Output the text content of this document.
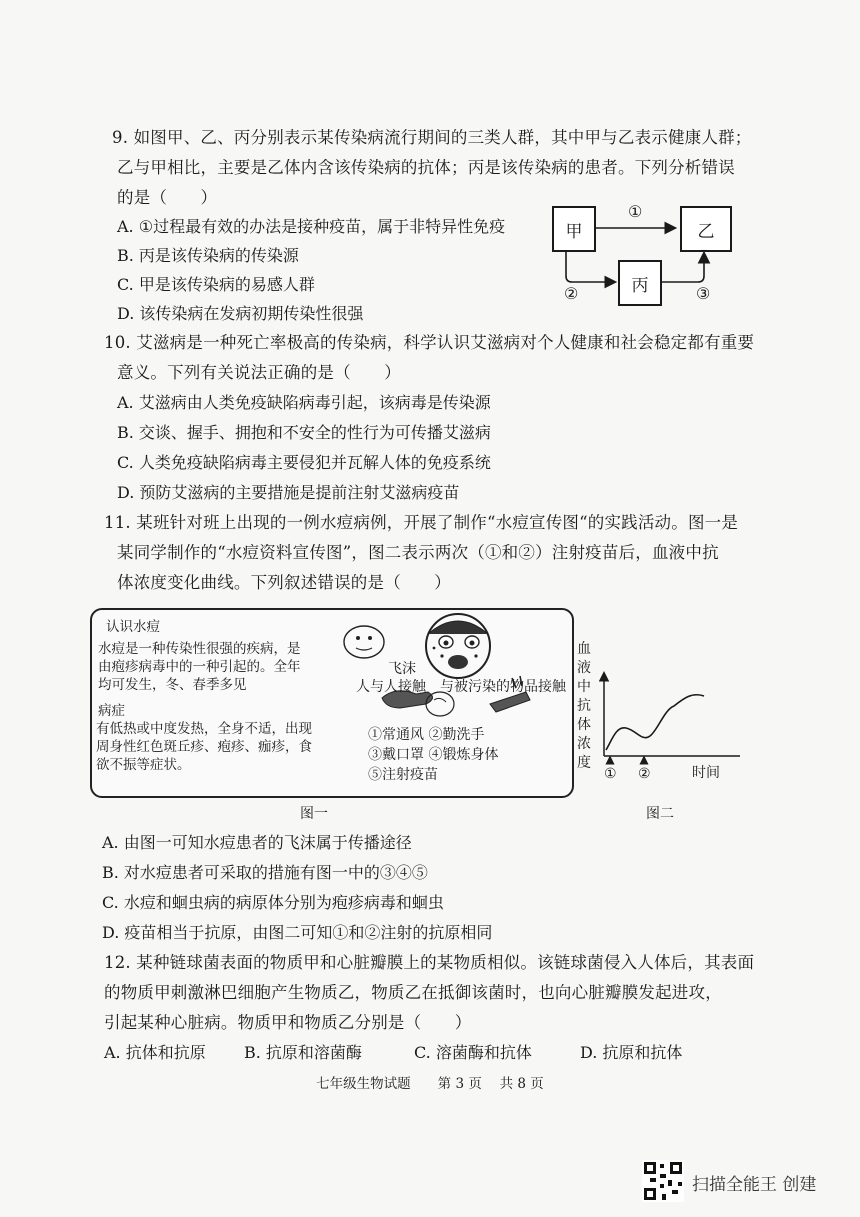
9. 如图甲、乙、丙分别表示某传染病流行期间的三类人群，其中甲与乙表示健康人群；
乙与甲相比，主要是乙体内含该传染病的抗体；丙是该传染病的患者。下列分析错误
的是（　　）
A. ①过程最有效的办法是接种疫苗，属于非特异性免疫
B. 丙是该传染病的传染源
C. 甲是该传染病的易感人群
D. 该传染病在发病初期传染性很强
甲	乙
丙
①
②	③
10. 艾滋病是一种死亡率极高的传染病，科学认识艾滋病对个人健康和社会稳定都有重要
意义。下列有关说法正确的是（　　）
A. 艾滋病由人类免疫缺陷病毒引起，该病毒是传染源
B. 交谈、握手、拥抱和不安全的性行为可传播艾滋病
C. 人类免疫缺陷病毒主要侵犯并瓦解人体的免疫系统
D. 预防艾滋病的主要措施是提前注射艾滋病疫苗
11. 某班针对班上出现的一例水痘病例，开展了制作“水痘宣传图“的实践活动。图一是
某同学制作的“水痘资料宣传图”，图二表示两次（①和②）注射疫苗后，血液中抗
体浓度变化曲线。下列叙述错误的是（　　）
认识水痘
水痘是一种传染性很强的疾病，是
由疱疹病毒中的一种引起的。全年
均可发生，冬、春季多见
病症
有低热或中度发热，全身不适，出现
周身性红色斑丘疹、疱疹、痂疹，食
欲不振等症状。
飞沫
人与人接触 与被污染的物品接触
①常通风 ②勤洗手
③戴口罩 ④锻炼身体
⑤注射疫苗
图一
血
液
中
抗
体
浓
度
① ②	时间
图二
A. 由图一可知水痘患者的飞沫属于传播途径
B. 对水痘患者可采取的措施有图一中的③④⑤
C. 水痘和蛔虫病的病原体分别为疱疹病毒和蛔虫
D. 疫苗相当于抗原，由图二可知①和②注射的抗原相同
12. 某种链球菌表面的物质甲和心脏瓣膜上的某物质相似。该链球菌侵入人体后，其表面
的物质甲刺激淋巴细胞产生物质乙，物质乙在抵御该菌时，也向心脏瓣膜发起进攻，
引起某种心脏病。物质甲和物质乙分别是（　　）
A. 抗体和抗原 B. 抗原和溶菌酶	C. 溶菌酶和抗体	D. 抗原和抗体
七年级生物试题　　第 3 页　 共 8 页
扫描全能王 创建
